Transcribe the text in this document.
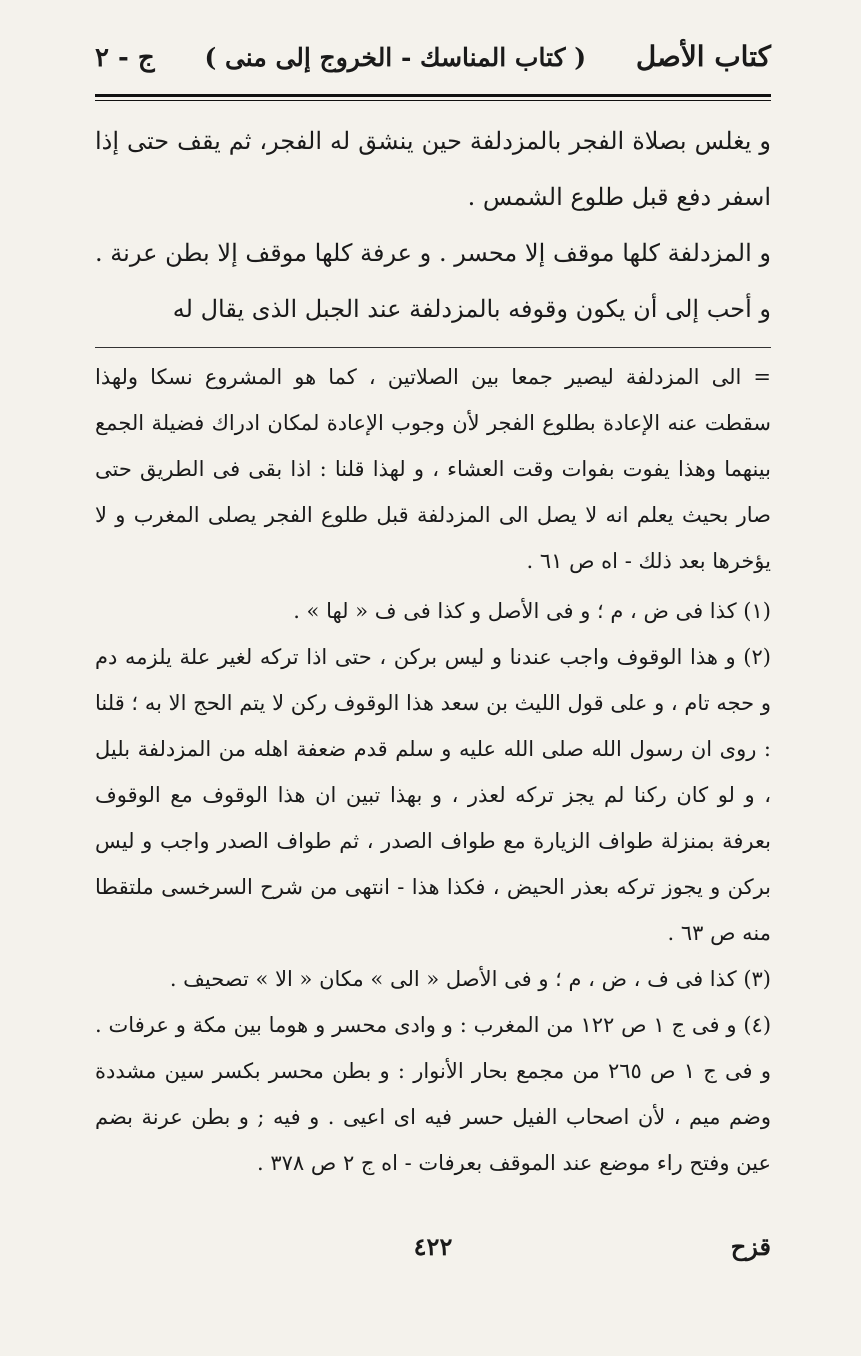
كتاب الأصل
( كتاب المناسك - الخروج إلى منى )
ج - ٢

و يغلس بصلاة الفجر بالمزدلفة حين ينشق له الفجر، ثم يقف حتى إذا اسفر دفع قبل طلوع الشمس .

و المزدلفة كلها موقف إلا محسر . و عرفة كلها موقف إلا بطن عرنة . و أحب إلى أن يكون وقوفه بالمزدلفة عند الجبل الذى يقال له

= الى المزدلفة ليصير جمعا بين الصلاتين ، كما هو المشروع نسكا ولهذا سقطت عنه الإعادة بطلوع الفجر لأن وجوب الإعادة لمكان ادراك فضيلة الجمع بينهما وهذا يفوت بفوات وقت العشاء ، و لهذا قلنا : اذا بقى فى الطريق حتى صار بحيث يعلم انه لا يصل الى المزدلفة قبل طلوع الفجر يصلى المغرب و لا يؤخرها بعد ذلك - اه ص ٦١ .

(١) كذا فى ض ، م ؛ و فى الأصل و كذا فى ف « لها » .

(٢) و هذا الوقوف واجب عندنا و ليس بركن ، حتى اذا تركه لغير علة يلزمه دم و حجه تام ، و على قول الليث بن سعد هذا الوقوف ركن لا يتم الحج الا به ؛ قلنا : روى ان رسول الله صلى الله عليه و سلم قدم ضعفة اهله من المزدلفة بليل ، و لو كان ركنا لم يجز تركه لعذر ، و بهذا تبين ان هذا الوقوف مع الوقوف بعرفة بمنزلة طواف الزيارة مع طواف الصدر ، ثم طواف الصدر واجب و ليس بركن و يجوز تركه بعذر الحيض ، فكذا هذا - انتهى من شرح السرخسى ملتقطا منه ص ٦٣ .

(٣) كذا فى ف ، ض ، م ؛ و فى الأصل « الى » مكان « الا » تصحيف .

(٤) و فى ج ١ ص ١٢٢ من المغرب : و وادى محسر و هوما بين مكة و عرفات . و فى ج ١ ص ٢٦٥ من مجمع بحار الأنوار : و بطن محسر بكسر سين مشددة وضم ميم ، لأن اصحاب الفيل حسر فيه اى اعيى . و فيه ; و بطن عرنة بضم عين وفتح راء موضع عند الموقف بعرفات - اه ج ٢ ص ٣٧٨ .

قزح
٤٢٢
